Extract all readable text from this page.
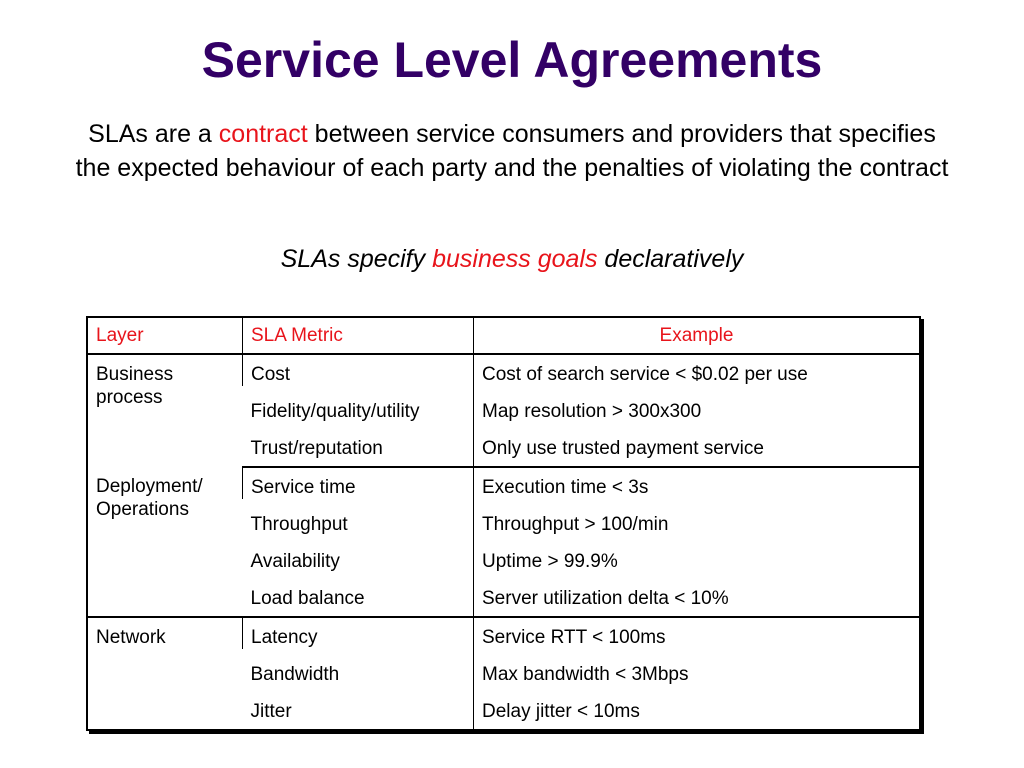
Service Level Agreements
SLAs are a contract between service consumers and providers that specifies the expected behaviour of each party and the penalties of violating the contract
SLAs specify business goals declaratively
Layer	SLA Metric	Example
Business process	Cost	Cost of search service < $0.02 per use
	Fidelity/quality/utility	Map resolution > 300x300
	Trust/reputation	Only use trusted payment service
Deployment/ Operations	Service time	Execution time < 3s
	Throughput	Throughput > 100/min
	Availability	Uptime > 99.9%
	Load balance	Server utilization delta < 10%
Network	Latency	Service RTT < 100ms
	Bandwidth	Max bandwidth < 3Mbps
	Jitter	Delay jitter < 10ms
